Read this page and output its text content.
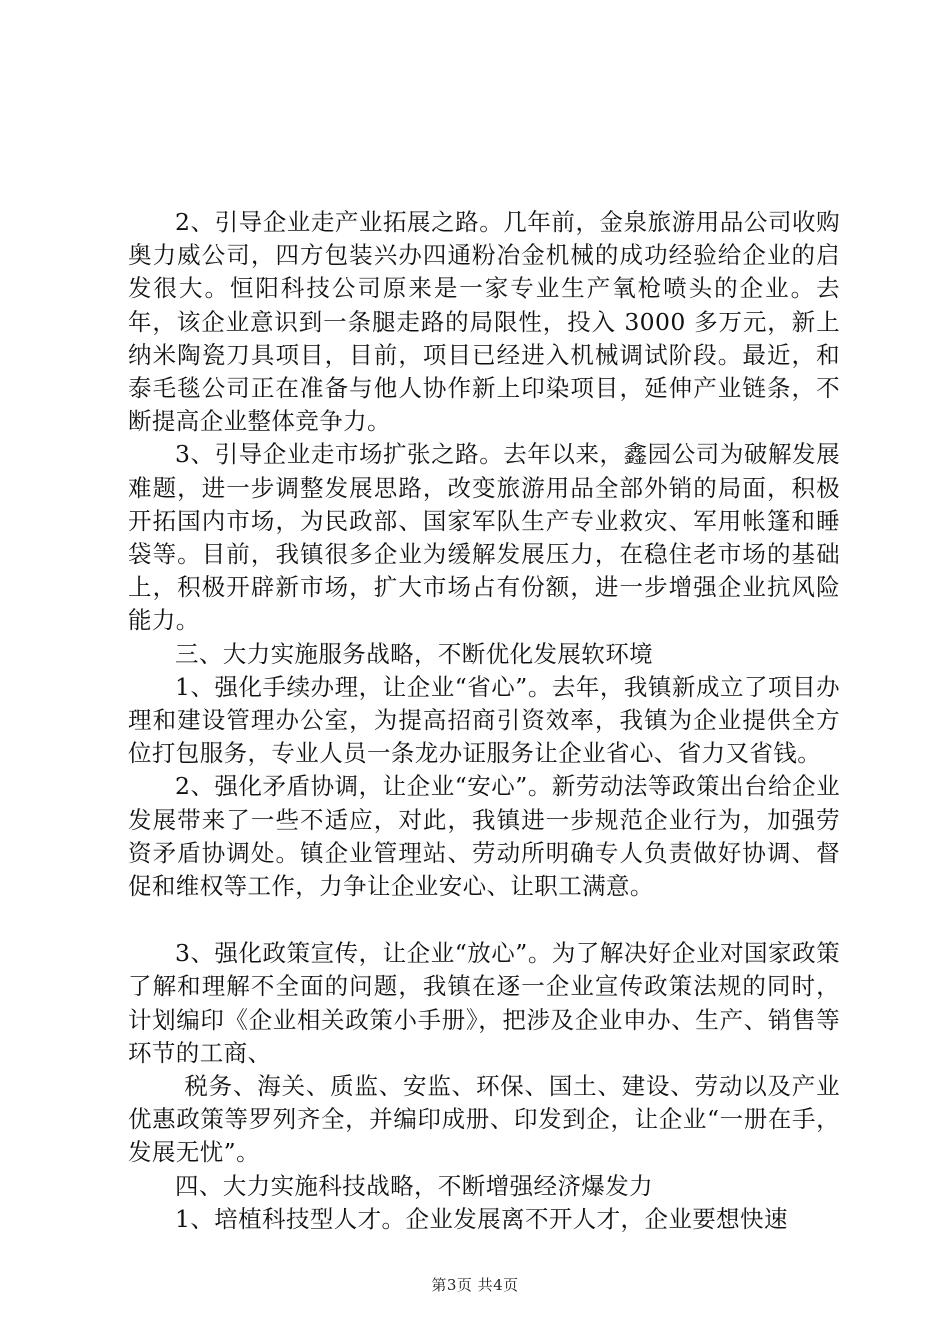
2、引导企业走产业拓展之路。几年前，金泉旅游用品公司收购奥力威公司，四方包装兴办四通粉冶金机械的成功经验给企业的启发很大。恒阳科技公司原来是一家专业生产氧枪喷头的企业。去年，该企业意识到一条腿走路的局限性，投入 3000 多万元，新上纳米陶瓷刀具项目，目前，项目已经进入机械调试阶段。最近，和泰毛毯公司正在准备与他人协作新上印染项目，延伸产业链条，不断提高企业整体竞争力。

3、引导企业走市场扩张之路。去年以来，鑫园公司为破解发展难题，进一步调整发展思路，改变旅游用品全部外销的局面，积极开拓国内市场，为民政部、国家军队生产专业救灾、军用帐篷和睡袋等。目前，我镇很多企业为缓解发展压力，在稳住老市场的基础上，积极开辟新市场，扩大市场占有份额，进一步增强企业抗风险能力。

三、大力实施服务战略，不断优化发展软环境

1、强化手续办理，让企业“省心”。去年，我镇新成立了项目办理和建设管理办公室，为提高招商引资效率，我镇为企业提供全方位打包服务，专业人员一条龙办证服务让企业省心、省力又省钱。

2、强化矛盾协调，让企业“安心”。新劳动法等政策出台给企业发展带来了一些不适应，对此，我镇进一步规范企业行为，加强劳资矛盾协调处。镇企业管理站、劳动所明确专人负责做好协调、督促和维权等工作，力争让企业安心、让职工满意。

3、强化政策宣传，让企业“放心”。为了解决好企业对国家政策了解和理解不全面的问题，我镇在逐一企业宣传政策法规的同时，计划编印《企业相关政策小手册》，把涉及企业申办、生产、销售等环节的工商、

税务、海关、质监、安监、环保、国土、建设、劳动以及产业优惠政策等罗列齐全，并编印成册、印发到企，让企业“一册在手，发展无忧”。

四、大力实施科技战略，不断增强经济爆发力

1、培植科技型人才。企业发展离不开人才，企业要想快速

第3页 共4页
